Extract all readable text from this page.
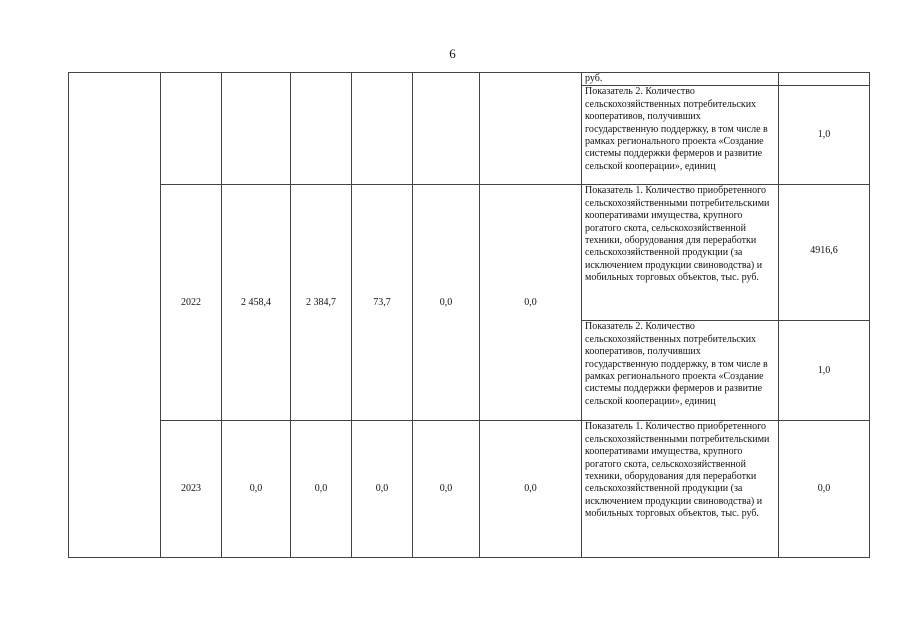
6
							руб.	
							Показатель 2. Количество сельскохозяйственных потребительских кооперативов, получивших государственную поддержку, в том числе в рамках регионального проекта «Создание системы поддержки фермеров и развитие сельской кооперации», единиц	1,0
	2022	2 458,4	2 384,7	73,7	0,0	0,0	Показатель 1. Количество приобретенного сельскохозяйственными потребительскими кооперативами имущества, крупного рогатого скота, сельскохозяйственной техники, оборудования для переработки сельскохозяйственной продукции (за исключением продукции свиноводства) и мобильных торговых объектов, тыс. руб.	4916,6
							Показатель 2. Количество сельскохозяйственных потребительских кооперативов, получивших государственную поддержку, в том числе в рамках регионального проекта «Создание системы поддержки фермеров и развитие сельской кооперации», единиц	1,0
	2023	0,0	0,0	0,0	0,0	0,0	Показатель 1. Количество приобретенного сельскохозяйственными потребительскими кооперативами имущества, крупного рогатого скота, сельскохозяйственной техники, оборудования для переработки сельскохозяйственной продукции (за исключением продукции свиноводства) и мобильных торговых объектов, тыс. руб.	0,0
